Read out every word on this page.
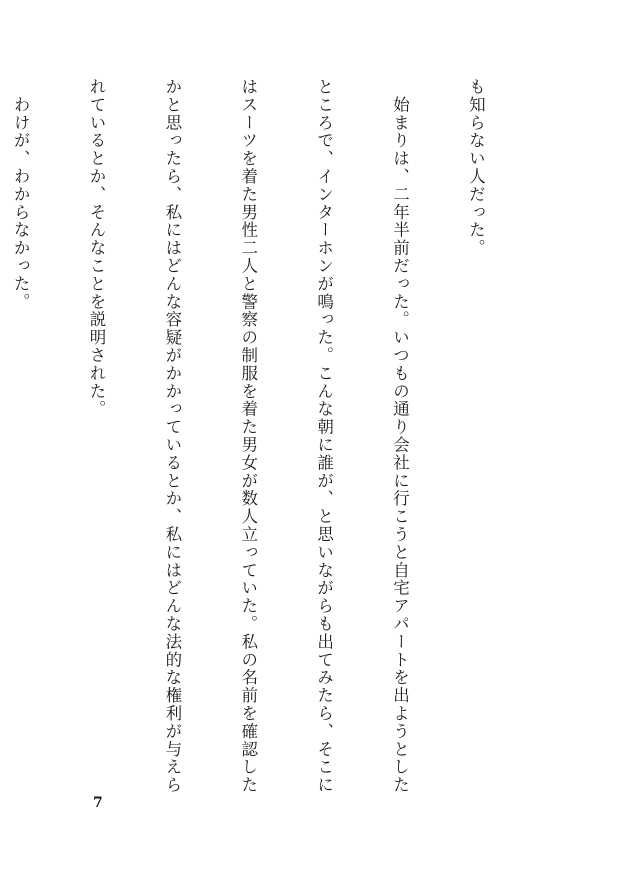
も知らない人だった。

　始まりは、二年半前だった。いつもの通り会社に行こうと自宅アパートを出ようとした

ところで、インターホンが鳴った。こんな朝に誰が、と思いながらも出てみたら、そこに

はスーツを着た男性二人と警察の制服を着た男女が数人立っていた。私の名前を確認した

かと思ったら、私にはどんな容疑がかかっているとか、私にはどんな法的な権利が与えら

れているとか、そんなことを説明された。

　わけが、わからなかった。

7
